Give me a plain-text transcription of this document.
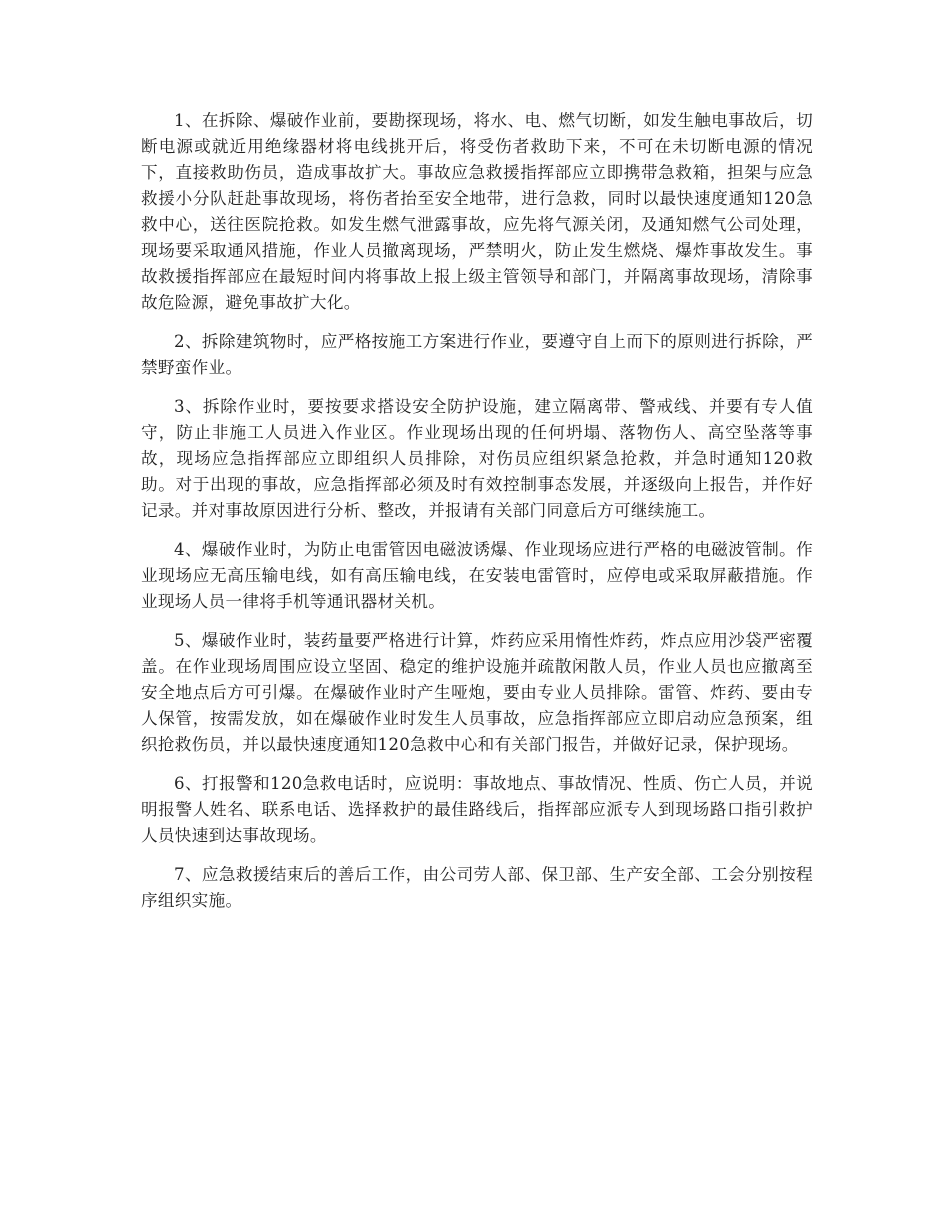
1、在拆除、爆破作业前，要勘探现场，将水、电、燃气切断，如发生触电事故后，切断电源或就近用绝缘器材将电线挑开后，将受伤者救助下来，不可在未切断电源的情况下，直接救助伤员，造成事故扩大。事故应急救援指挥部应立即携带急救箱，担架与应急救援小分队赶赴事故现场，将伤者抬至安全地带，进行急救，同时以最快速度通知120急救中心，送往医院抢救。如发生燃气泄露事故，应先将气源关闭，及通知燃气公司处理，现场要采取通风措施，作业人员撤离现场，严禁明火，防止发生燃烧、爆炸事故发生。事故救援指挥部应在最短时间内将事故上报上级主管领导和部门，并隔离事故现场，清除事故危险源，避免事故扩大化。

2、拆除建筑物时，应严格按施工方案进行作业，要遵守自上而下的原则进行拆除，严禁野蛮作业。

3、拆除作业时，要按要求搭设安全防护设施，建立隔离带、警戒线、并要有专人值守，防止非施工人员进入作业区。作业现场出现的任何坍塌、落物伤人、高空坠落等事故，现场应急指挥部应立即组织人员排除，对伤员应组织紧急抢救，并急时通知120救助。对于出现的事故，应急指挥部必须及时有效控制事态发展，并逐级向上报告，并作好记录。并对事故原因进行分析、整改，并报请有关部门同意后方可继续施工。

4、爆破作业时，为防止电雷管因电磁波诱爆、作业现场应进行严格的电磁波管制。作业现场应无高压输电线，如有高压输电线，在安装电雷管时，应停电或采取屏蔽措施。作业现场人员一律将手机等通讯器材关机。

5、爆破作业时，装药量要严格进行计算，炸药应采用惰性炸药，炸点应用沙袋严密覆盖。在作业现场周围应设立坚固、稳定的维护设施并疏散闲散人员，作业人员也应撤离至安全地点后方可引爆。在爆破作业时产生哑炮，要由专业人员排除。雷管、炸药、要由专人保管，按需发放，如在爆破作业时发生人员事故，应急指挥部应立即启动应急预案，组织抢救伤员，并以最快速度通知120急救中心和有关部门报告，并做好记录，保护现场。

6、打报警和120急救电话时，应说明：事故地点、事故情况、性质、伤亡人员，并说明报警人姓名、联系电话、选择救护的最佳路线后，指挥部应派专人到现场路口指引救护人员快速到达事故现场。

7、应急救援结束后的善后工作，由公司劳人部、保卫部、生产安全部、工会分别按程序组织实施。
